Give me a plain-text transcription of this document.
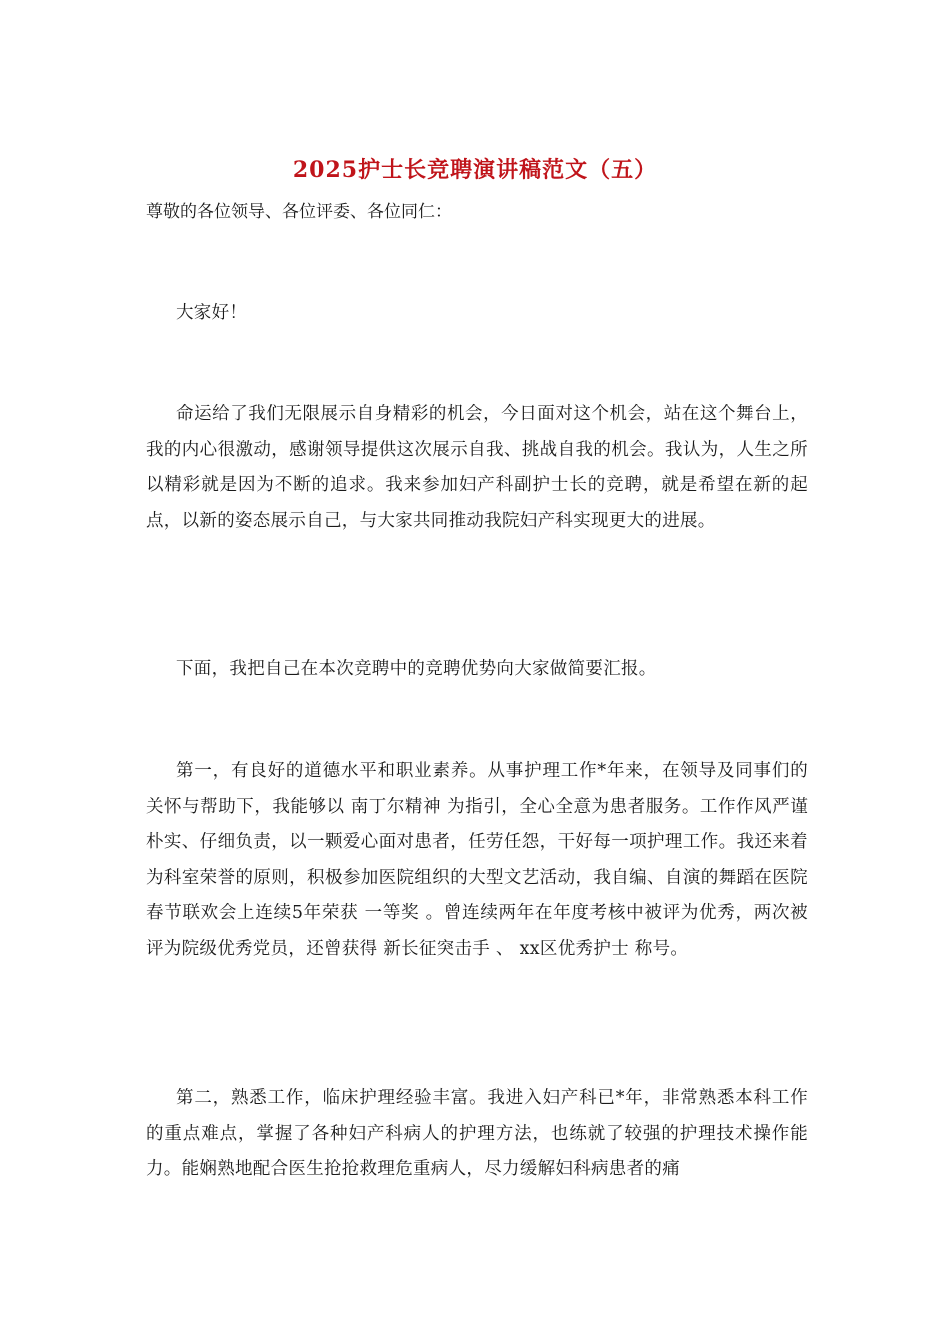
2025护士长竞聘演讲稿范文（五）
尊敬的各位领导、各位评委、各位同仁：

大家好！

命运给了我们无限展示自身精彩的机会，今日面对这个机会，站在这个舞台上，我的内心很激动，感谢领导提供这次展示自我、挑战自我的机会。我认为，人生之所以精彩就是因为不断的追求。我来参加妇产科副护士长的竞聘，就是希望在新的起点，以新的姿态展示自己，与大家共同推动我院妇产科实现更大的进展。

下面，我把自己在本次竞聘中的竞聘优势向大家做简要汇报。

第一，有良好的道德水平和职业素养。从事护理工作*年来，在领导及同事们的关怀与帮助下，我能够以 南丁尔精神 为指引，全心全意为患者服务。工作作风严谨朴实、仔细负责，以一颗爱心面对患者，任劳任怨，干好每一项护理工作。我还来着为科室荣誉的原则，积极参加医院组织的大型文艺活动，我自编、自演的舞蹈在医院春节联欢会上连续5年荣获 一等奖 。曾连续两年在年度考核中被评为优秀，两次被评为院级优秀党员，还曾获得 新长征突击手 、 xx区优秀护士 称号。

第二，熟悉工作，临床护理经验丰富。我进入妇产科已*年，非常熟悉本科工作的重点难点，掌握了各种妇产科病人的护理方法，也练就了较强的护理技术操作能力。能娴熟地配合医生抢抢救理危重病人，尽力缓解妇科病患者的痛
